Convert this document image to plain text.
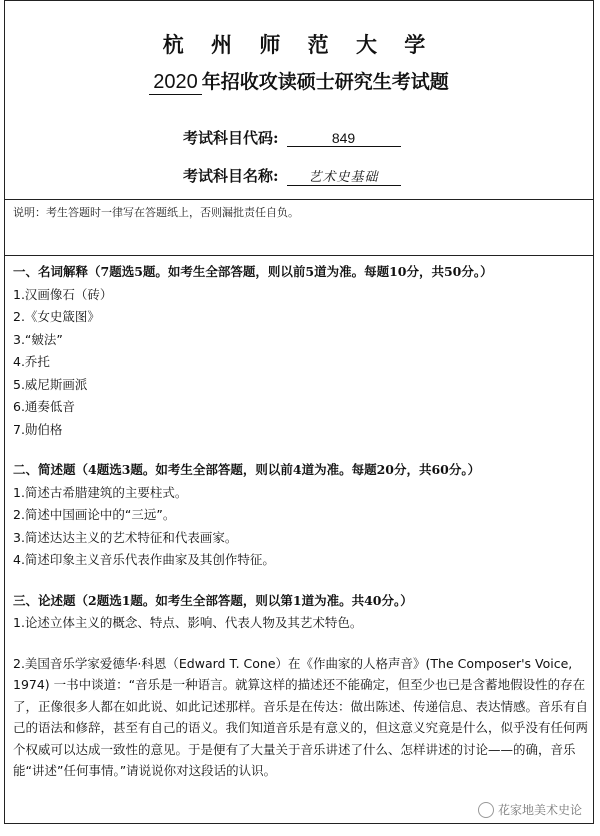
杭 州 师 范 大 学
2020 年招收攻读硕士研究生考试题
考试科目代码:	849
考试科目名称: 艺术史基础
说明：考生答题时一律写在答题纸上，否则漏批责任自负。
一、名词解释（7题选5题。如考生全部答题，则以前5道为准。每题10分，共50分。）
1.汉画像石（砖）
2.《女史箴图》
3.“皴法”
4.乔托
5.威尼斯画派
6.通奏低音
7.勋伯格
二、简述题（4题选3题。如考生全部答题，则以前4道为准。每题20分，共60分。）
1.简述古希腊建筑的主要柱式。
2.简述中国画论中的“三远”。
3.简述达达主义的艺术特征和代表画家。
4.简述印象主义音乐代表作曲家及其创作特征。
三、论述题（2题选1题。如考生全部答题，则以第1道为准。共40分。）
1.论述立体主义的概念、特点、影响、代表人物及其艺术特色。
2.美国音乐学家爱德华·科恩（Edward T. Cone）在《作曲家的人格声音》(The Composer's Voice, 1974) 一书中谈道：“音乐是一种语言。就算这样的描述还不能确定，但至少也已是含蓄地假设性的存在了，正像很多人都在如此说、如此记述那样。音乐是在传达：做出陈述、传递信息、表达情感。音乐有自己的语法和修辞，甚至有自己的语义。我们知道音乐是有意义的，但这意义究竟是什么，似乎没有任何两个权威可以达成一致性的意见。于是便有了大量关于音乐讲述了什么、怎样讲述的讨论——的确，音乐能“讲述”任何事情。”请说说你对这段话的认识。
花家地美术史论
